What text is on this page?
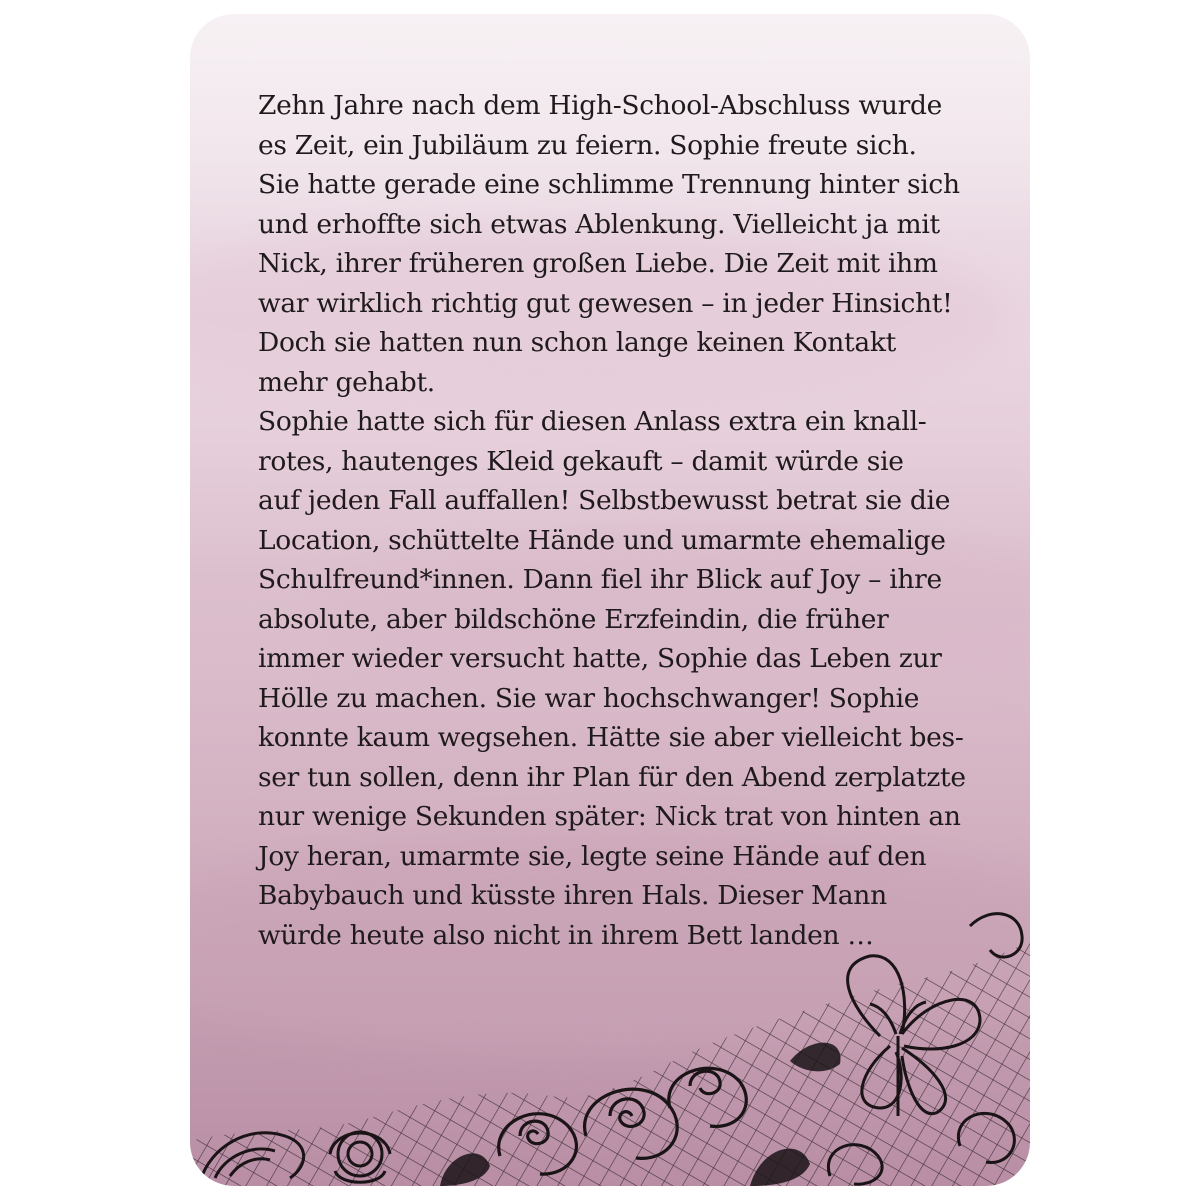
Zehn Jahre nach dem High-School-Abschluss wurde
es Zeit, ein Jubiläum zu feiern. Sophie freute sich.
Sie hatte gerade eine schlimme Trennung hinter sich
und erhoffte sich etwas Ablenkung. Vielleicht ja mit
Nick, ihrer früheren großen Liebe. Die Zeit mit ihm
war wirklich richtig gut gewesen – in jeder Hinsicht!
Doch sie hatten nun schon lange keinen Kontakt
mehr gehabt.
Sophie hatte sich für diesen Anlass extra ein knall-
rotes, hautenges Kleid gekauft – damit würde sie
auf jeden Fall auffallen! Selbstbewusst betrat sie die
Location, schüttelte Hände und umarmte ehemalige
Schulfreund*innen. Dann fiel ihr Blick auf Joy – ihre
absolute, aber bildschöne Erzfeindin, die früher
immer wieder versucht hatte, Sophie das Leben zur
Hölle zu machen. Sie war hochschwanger! Sophie
konnte kaum wegsehen. Hätte sie aber vielleicht bes-
ser tun sollen, denn ihr Plan für den Abend zerplatzte
nur wenige Sekunden später: Nick trat von hinten an
Joy heran, umarmte sie, legte seine Hände auf den
Babybauch und küsste ihren Hals. Dieser Mann
würde heute also nicht in ihrem Bett landen …
